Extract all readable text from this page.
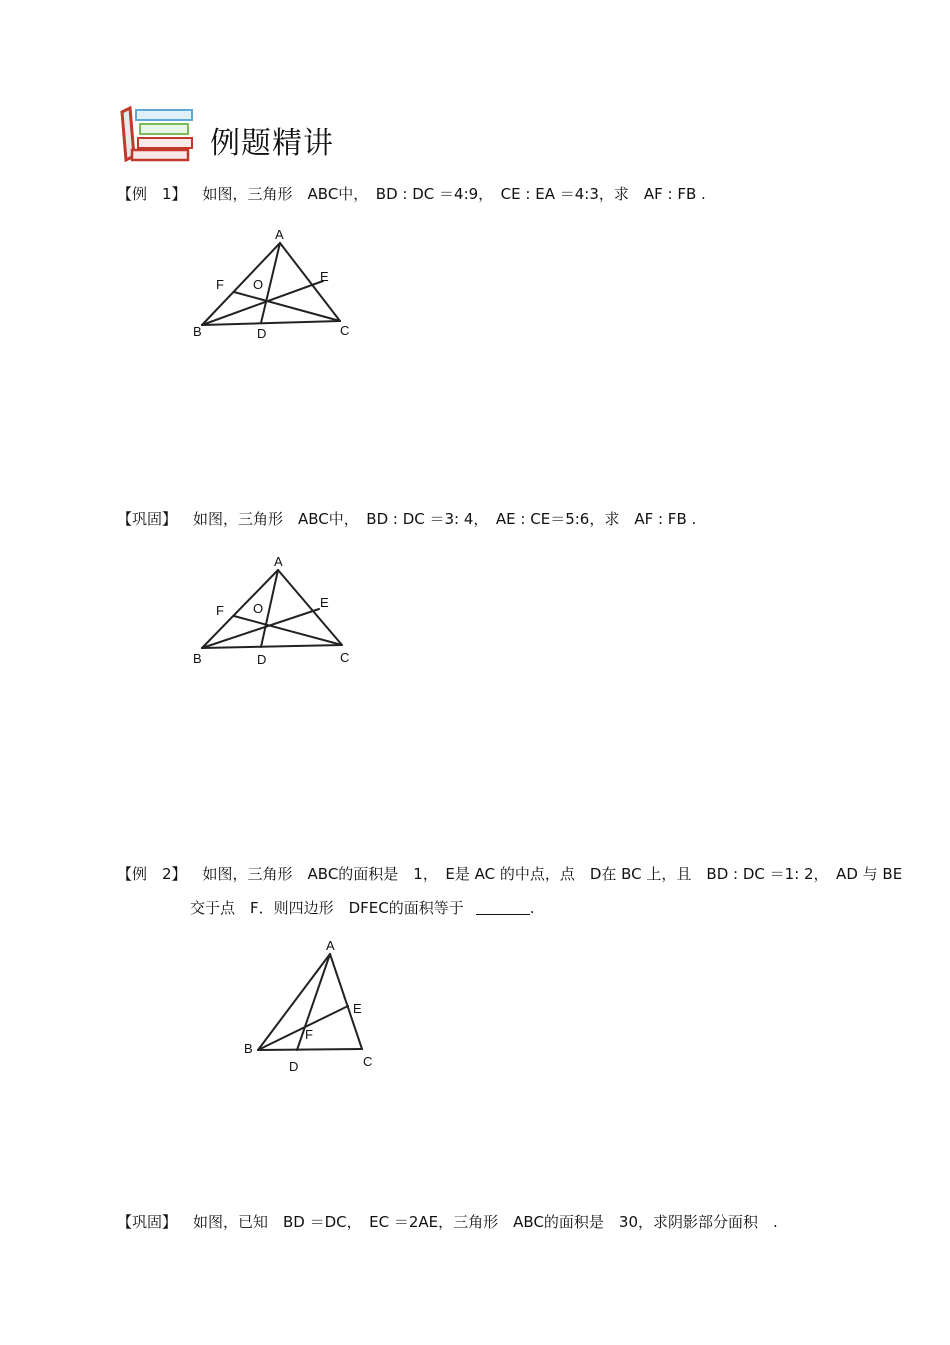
例题精讲
【例　1】 如图，三角形　ABC中，　BD : DC ＝4:9，　CE : EA ＝4:3，求　AF : FB .
A
B	C
D
E
F O
【巩固】 如图，三角形　ABC中，　BD : DC ＝3: 4，　AE : CE＝5:6，求　AF : FB .
A
B	C
D
E
F O
【例　2】 如图，三角形　ABC的面积是　1，　E是 AC 的中点，点　D在 BC 上，且　BD : DC ＝1: 2，　AD 与 BE
交于点　F．则四边形　DFEC的面积等于	.
A
B
C
D
E
F
【巩固】 如图，已知　BD ＝DC，　EC ＝2AE，三角形　ABC的面积是　30，求阴影部分面积　.
